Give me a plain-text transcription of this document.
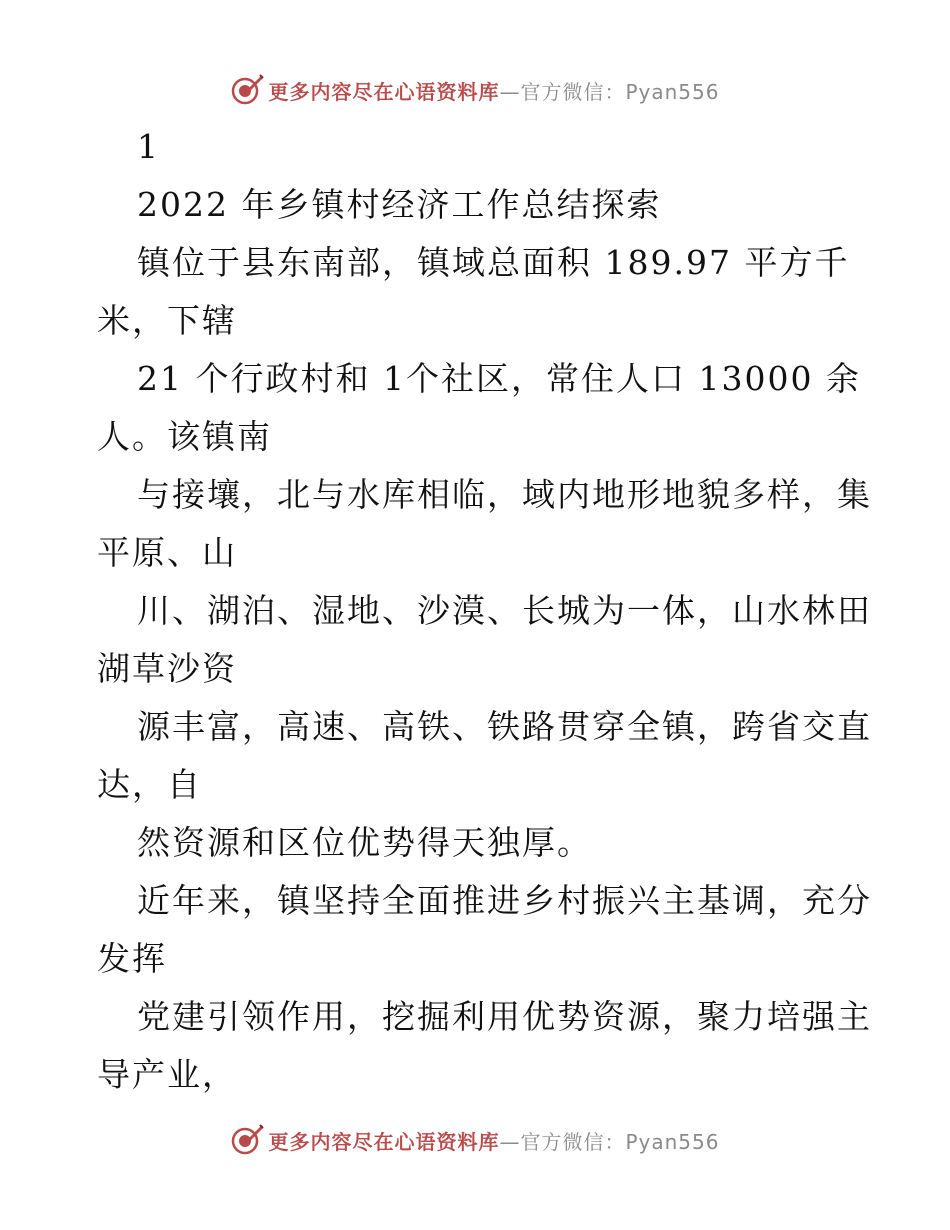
更多内容尽在心语资料库 —官方微信：Pyan556
1
2022 年乡镇村经济工作总结探索
镇位于县东南部，镇域总面积 189.97 平方千
米，下辖
21 个行政村和 1个社区，常住人口 13000 余
人。该镇南
与接壤，北与水库相临，域内地形地貌多样，集
平原、山
川、湖泊、湿地、沙漠、长城为一体，山水林田
湖草沙资
源丰富，高速、高铁、铁路贯穿全镇，跨省交直
达，自
然资源和区位优势得天独厚。
近年来，镇坚持全面推进乡村振兴主基调，充分
发挥
党建引领作用，挖掘利用优势资源，聚力培强主
导产业，
更多内容尽在心语资料库 —官方微信：Pyan556
